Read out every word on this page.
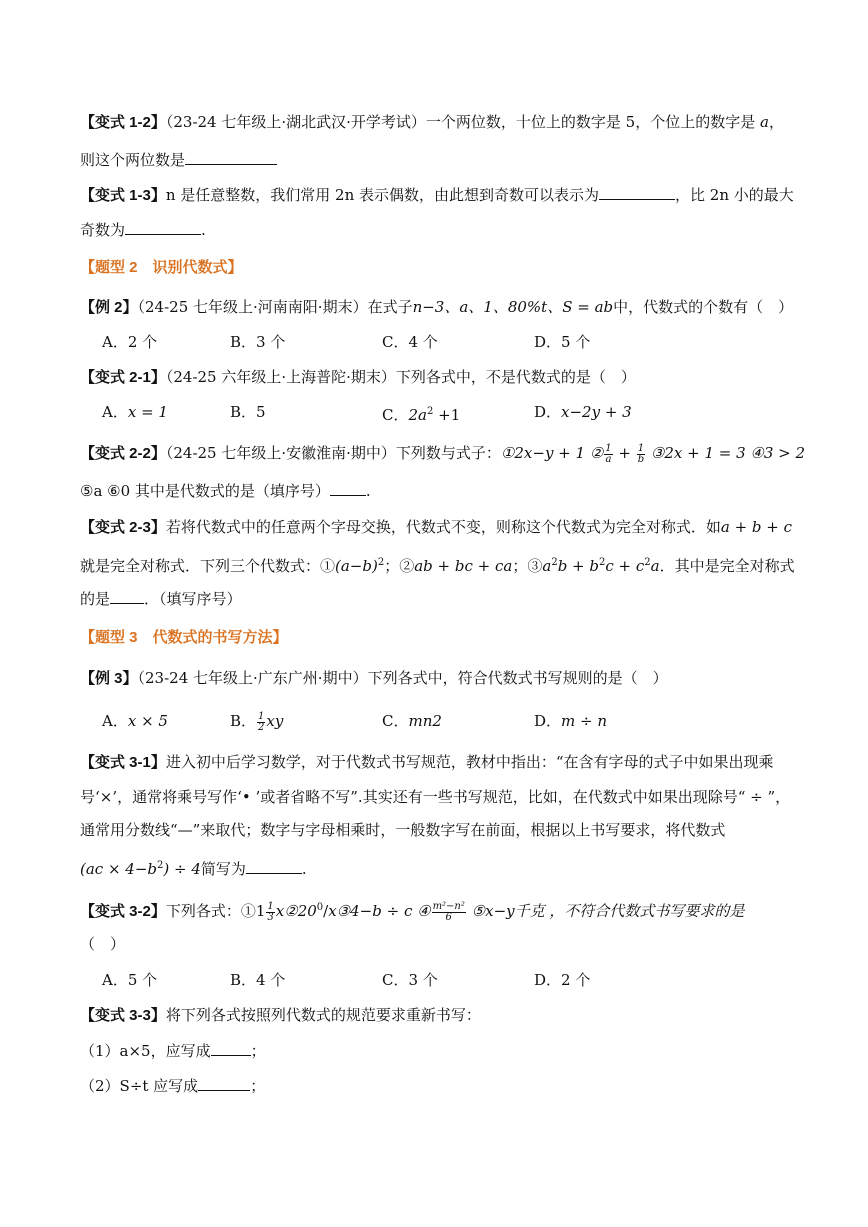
【变式 1-2】（23-24 七年级上·湖北武汉·开学考试）一个两位数，十位上的数字是 5，个位上的数字是 a，
则这个两位数是
【变式 1-3】n 是任意整数，我们常用 2n 表示偶数，由此想到奇数可以表示为	，比 2n 小的最大
奇数为	.
【题型 2　识别代数式】
【例 2】（24-25 七年级上·河南南阳·期末）在式子n−3、a、1、80%t、S = ab中，代数式的个数有（　）
A．2 个	B．3 个	C．4 个	D．5 个
【变式 2-1】（24-25 六年级上·上海普陀·期末）下列各式中，不是代数式的是（　）
A．x = 1	B．5	C．$2a^2 +1$	D．x−2y + 3
【变式 2-2】（24-25 七年级上·安徽淮南·期中）下列数与式子：①2x−y + 1 ② $\frac{1}{a} + \frac{1}{b}$ ③2x + 1 = 3 ④3 > 2
⑤a ⑥0 其中是代数式的是（填序号） .
【变式 2-3】若将代数式中的任意两个字母交换，代数式不变，则称这个代数式为完全对称式．如a + b + c
就是完全对称式．下列三个代数式：$①(a-b)^2$；②ab + bc + ca；$③a^2b + b^2c + c^2a$．其中是完全对称式
的是 ．（填写序号）
【题型 3　代数式的书写方法】
【例 3】（23-24 七年级上·广东广州·期中）下列各式中，符合代数式书写规则的是（　）
A．x × 5	B． $\frac{1}{2}$ xy	C．mn2	D．m ÷ n
【变式 3-1】进入初中后学习数学，对于代数式书写规范，教材中指出：“在含有字母的式子中如果出现乘
号‘×’，通常将乘号写作‘• ’或者省略不写”.其实还有一些书写规范，比如，在代数式中如果出现除号“ ÷ ”，
通常用分数线“—”来取代；数字与字母相乘时，一般数字写在前面，根据以上书写要求，将代数式
$(ac \times 4-b^2) \div 4$简写为	.
【变式 3-2】下列各式：①1 $\frac{1}{3}$ $x②20^0/x③4-b \div c$ ④ $\frac{\text{m²−n²}}{6}$ ⑤x−y千克 ，不符合代数式书写要求的是
（　）
A．5 个	B．4 个	C．3 个	D．2 个
【变式 3-3】将下列各式按照列代数式的规范要求重新书写：
（1）a×5，应写成	；
（2）S÷t 应写成	；
